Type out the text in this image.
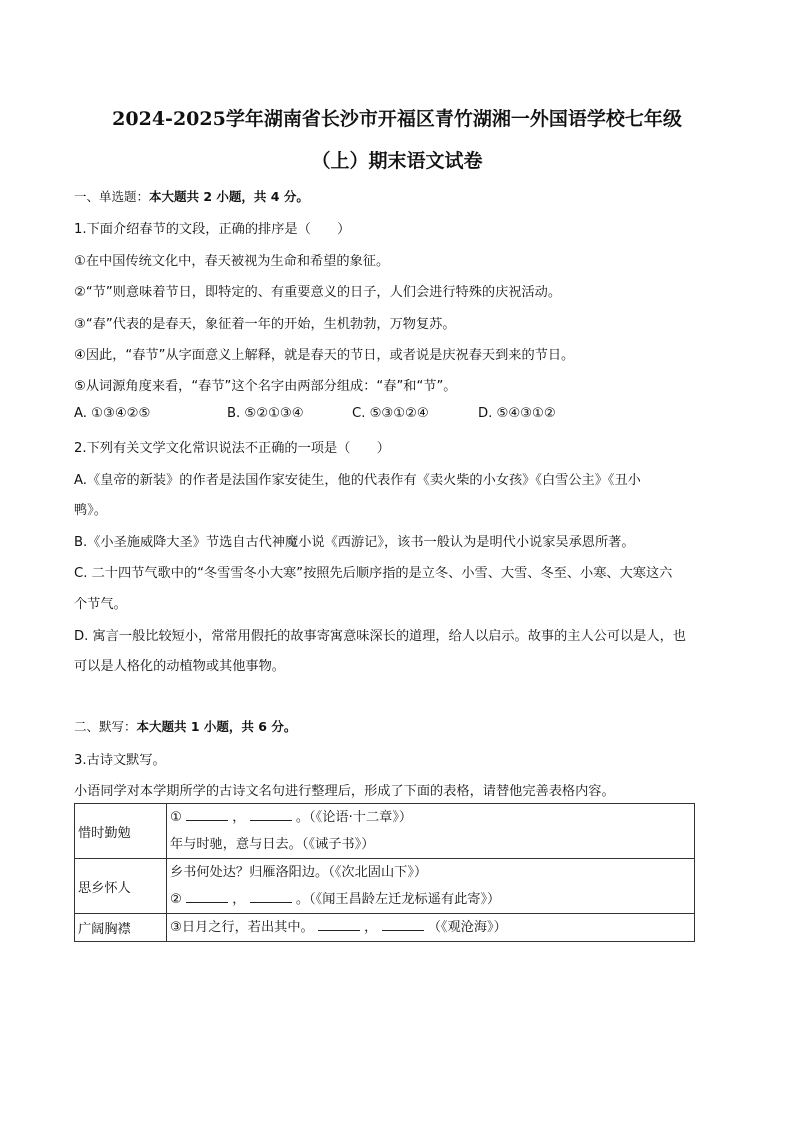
2024-2025学年湖南省长沙市开福区青竹湖湘一外国语学校七年级
（上）期末语文试卷
一、单选题：本大题共 2 小题，共 4 分。
1.下面介绍春节的文段，正确的排序是（　　）
①在中国传统文化中，春天被视为生命和希望的象征。
②“节”则意味着节日，即特定的、有重要意义的日子，人们会进行特殊的庆祝活动。
③“春”代表的是春天，象征着一年的开始，生机勃勃，万物复苏。
④因此，“春节”从字面意义上解释，就是春天的节日，或者说是庆祝春天到来的节日。
⑤从词源角度来看，“春节”这个名字由两部分组成：“春”和“节”。
A. ①③④②⑤	B. ⑤②①③④	C. ⑤③①②④	D. ⑤④③①②
2.下列有关文学文化常识说法不正确的一项是（　　）
A.《皇帝的新装》的作者是法国作家安徒生，他的代表作有《卖火柴的小女孩》《白雪公主》《丑小
鸭》。
B.《小圣施威降大圣》节选自古代神魔小说《西游记》，该书一般认为是明代小说家吴承恩所著。
C. 二十四节气歌中的“冬雪雪冬小大寒”按照先后顺序指的是立冬、小雪、大雪、冬至、小寒、大寒这六
个节气。
D. 寓言一般比较短小，常常用假托的故事寄寓意味深长的道理，给人以启示。故事的主人公可以是人，也
可以是人格化的动植物或其他事物。
二、默写：本大题共 1 小题，共 6 分。
3.古诗文默写。
小语同学对本学期所学的古诗文名句进行整理后，形成了下面的表格，请替他完善表格内容。
惜时勤勉	① ， 。（《论语·十二章》）
年与时驰，意与日去。（《诫子书》）

思乡怀人	乡书何处达？归雁洛阳边。（《次北固山下》）
② ， 。（《闻王昌龄左迁龙标遥有此寄》）

广阔胸襟	③日月之行，若出其中。 ， （《观沧海》）
